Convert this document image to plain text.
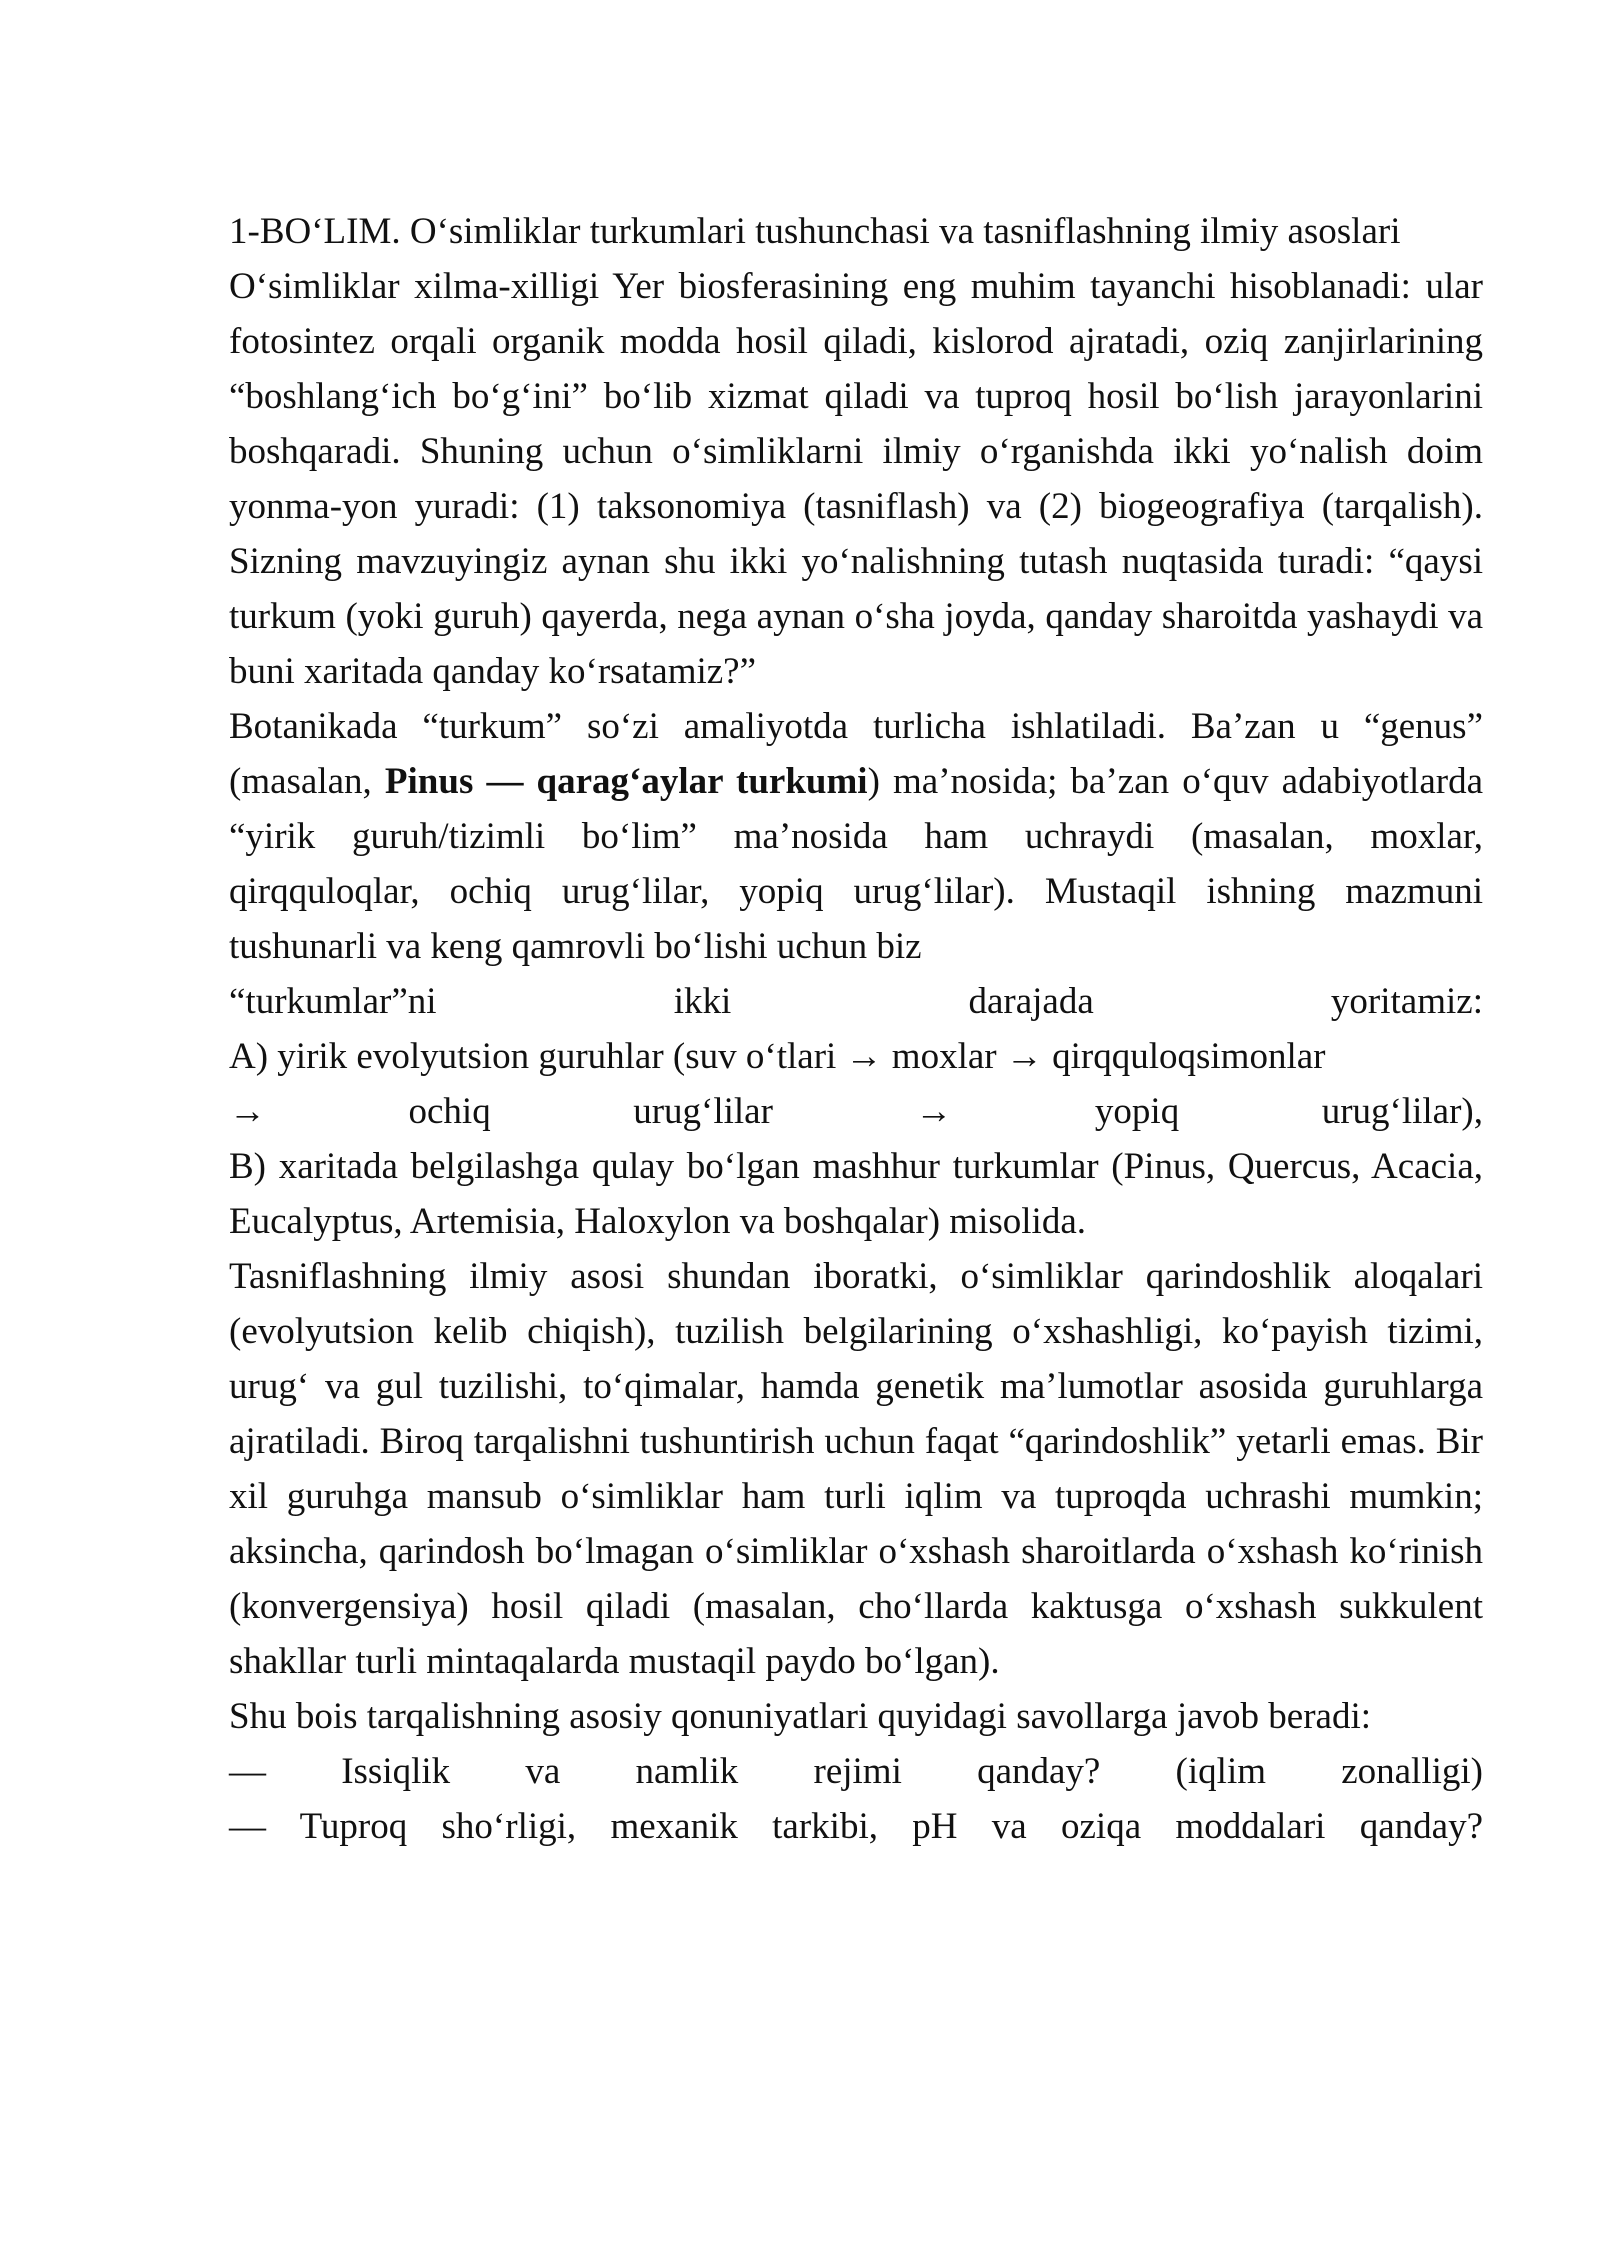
1-BO‘LIM. O‘simliklar turkumlari tushunchasi va tasniflashning ilmiy asoslari

O‘simliklar xilma-xilligi Yer biosferasining eng muhim tayanchi hisoblanadi: ular fotosintez orqali organik modda hosil qiladi, kislorod ajratadi, oziq zanjirlarining “boshlang‘ich bo‘g‘ini” bo‘lib xizmat qiladi va tuproq hosil bo‘lish jarayonlarini boshqaradi. Shuning uchun o‘simliklarni ilmiy o‘rganishda ikki yo‘nalish doim yonma-yon yuradi: (1) taksonomiya (tasniflash) va (2) biogeografiya (tarqalish). Sizning mavzuyingiz aynan shu ikki yo‘nalishning tutash nuqtasida turadi: “qaysi turkum (yoki guruh) qayerda, nega aynan o‘sha joyda, qanday sharoitda yashaydi va buni xaritada qanday ko‘rsatamiz?”

Botanikada “turkum” so‘zi amaliyotda turlicha ishlatiladi. Ba’zan u “genus” (masalan, Pinus — qarag‘aylar turkumi) ma’nosida; ba’zan o‘quv adabiyotlarda “yirik guruh/tizimli bo‘lim” ma’nosida ham uchraydi (masalan, moxlar, qirqquloqlar, ochiq urug‘lilar, yopiq urug‘lilar). Mustaqil ishning mazmuni tushunarli va keng qamrovli bo‘lishi uchun biz
“turkumlar”ni ikki darajada yoritamiz:

A) yirik evolyutsion guruhlar (suv o‘tlari → moxlar → qirqquloqsimonlar
→ ochiq urug‘lilar → yopiq urug‘lilar),

B) xaritada belgilashga qulay bo‘lgan mashhur turkumlar (Pinus, Quercus, Acacia, Eucalyptus, Artemisia, Haloxylon va boshqalar) misolida.

Tasniflashning ilmiy asosi shundan iboratki, o‘simliklar qarindoshlik aloqalari (evolyutsion kelib chiqish), tuzilish belgilarining o‘xshashligi, ko‘payish tizimi, urug‘ va gul tuzilishi, to‘qimalar, hamda genetik ma’lumotlar asosida guruhlarga ajratiladi. Biroq tarqalishni tushuntirish uchun faqat “qarindoshlik” yetarli emas. Bir xil guruhga mansub o‘simliklar ham turli iqlim va tuproqda uchrashi mumkin; aksincha, qarindosh bo‘lmagan o‘simliklar o‘xshash sharoitlarda o‘xshash ko‘rinish (konvergensiya) hosil qiladi (masalan, cho‘llarda kaktusga o‘xshash sukkulent shakllar turli mintaqalarda mustaqil paydo bo‘lgan).

Shu bois tarqalishning asosiy qonuniyatlari quyidagi savollarga javob beradi:

— Issiqlik va namlik rejimi qanday? (iqlim zonalligi)

— Tuproq sho‘rligi, mexanik tarkibi, pH va oziqa moddalari qanday?
